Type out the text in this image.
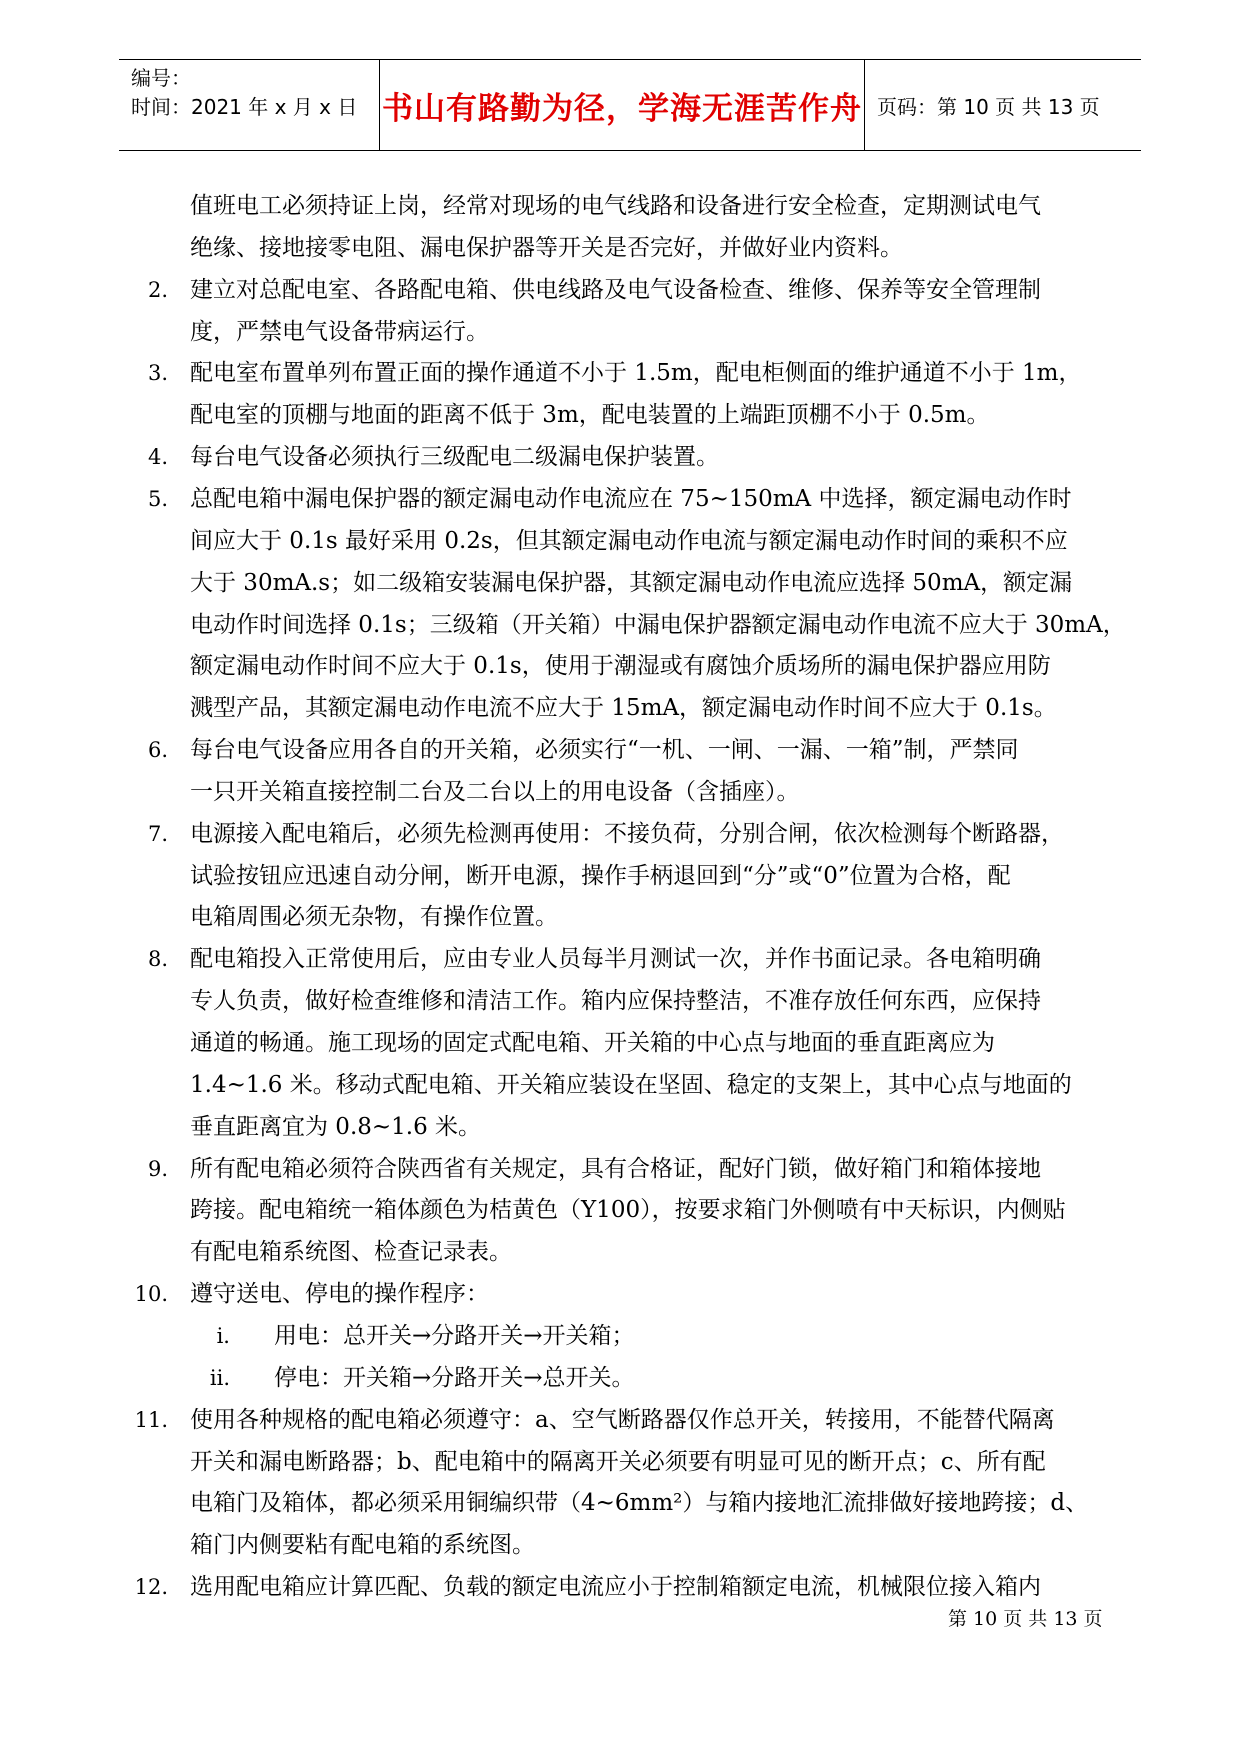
编号：
时间：2021 年 x 月 x 日 书山有路勤为径，学海无涯苦作舟 页码：第 10 页 共 13 页
值班电工必须持证上岗，经常对现场的电气线路和设备进行安全检查，定期测试电气
绝缘、接地接零电阻、漏电保护器等开关是否完好，并做好业内资料。
2. 建立对总配电室、各路配电箱、供电线路及电气设备检查、维修、保养等安全管理制
度，严禁电气设备带病运行。
3. 配电室布置单列布置正面的操作通道不小于 1.5m，配电柜侧面的维护通道不小于 1m，
配电室的顶棚与地面的距离不低于 3m，配电装置的上端距顶棚不小于 0.5m。
4. 每台电气设备必须执行三级配电二级漏电保护装置。
5. 总配电箱中漏电保护器的额定漏电动作电流应在 75~150mA 中选择，额定漏电动作时
间应大于 0.1s 最好采用 0.2s，但其额定漏电动作电流与额定漏电动作时间的乘积不应
大于 30mA.s；如二级箱安装漏电保护器，其额定漏电动作电流应选择 50mA，额定漏
电动作时间选择 0.1s；三级箱（开关箱）中漏电保护器额定漏电动作电流不应大于 30mA，
额定漏电动作时间不应大于 0.1s，使用于潮湿或有腐蚀介质场所的漏电保护器应用防
溅型产品，其额定漏电动作电流不应大于 15mA，额定漏电动作时间不应大于 0.1s。
6. 每台电气设备应用各自的开关箱，必须实行“一机、一闸、一漏、一箱”制，严禁同
一只开关箱直接控制二台及二台以上的用电设备（含插座）。
7. 电源接入配电箱后，必须先检测再使用：不接负荷，分别合闸，依次检测每个断路器，
试验按钮应迅速自动分闸，断开电源，操作手柄退回到“分”或“0”位置为合格，配
电箱周围必须无杂物，有操作位置。
8. 配电箱投入正常使用后，应由专业人员每半月测试一次，并作书面记录。各电箱明确
专人负责，做好检查维修和清洁工作。箱内应保持整洁，不准存放任何东西，应保持
通道的畅通。施工现场的固定式配电箱、开关箱的中心点与地面的垂直距离应为
1.4~1.6 米。移动式配电箱、开关箱应装设在坚固、稳定的支架上，其中心点与地面的
垂直距离宜为 0.8~1.6 米。
9. 所有配电箱必须符合陕西省有关规定，具有合格证，配好门锁，做好箱门和箱体接地
跨接。配电箱统一箱体颜色为桔黄色（Y100），按要求箱门外侧喷有中天标识，内侧贴
有配电箱系统图、检查记录表。
10. 遵守送电、停电的操作程序：
i. 用电：总开关→分路开关→开关箱；
ii. 停电：开关箱→分路开关→总开关。
11. 使用各种规格的配电箱必须遵守：a、空气断路器仅作总开关，转接用，不能替代隔离
开关和漏电断路器；b、配电箱中的隔离开关必须要有明显可见的断开点；c、所有配
电箱门及箱体，都必须采用铜编织带（4~6mm²）与箱内接地汇流排做好接地跨接；d、
箱门内侧要粘有配电箱的系统图。
12. 选用配电箱应计算匹配、负载的额定电流应小于控制箱额定电流，机械限位接入箱内
第 10 页 共 13 页
